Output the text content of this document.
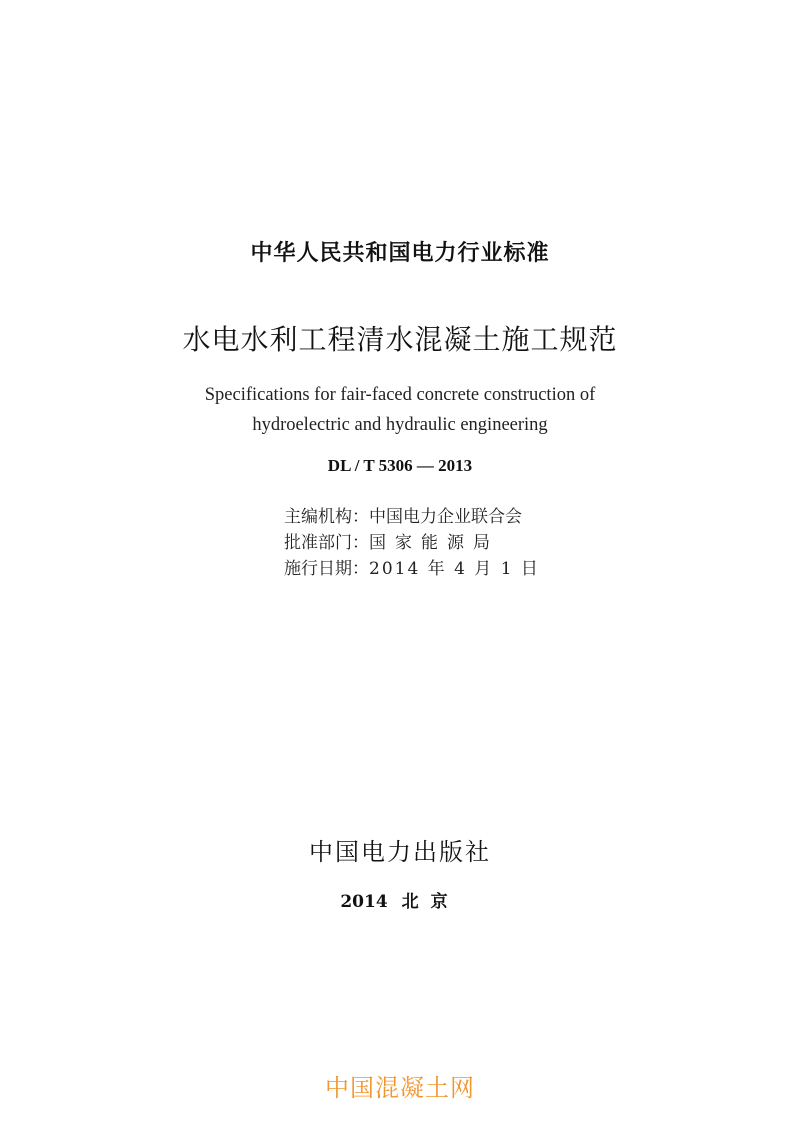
中华人民共和国电力行业标准
水电水利工程清水混凝土施工规范
Specifications for fair-faced concrete construction of
hydroelectric and hydraulic engineering
DL / T 5306 — 2013
主编机构：中国电力企业联合会
批准部门：国家能源局
施行日期：2014 年 4 月 1 日
中国电力出版社
2014 北京
中国混凝土网
